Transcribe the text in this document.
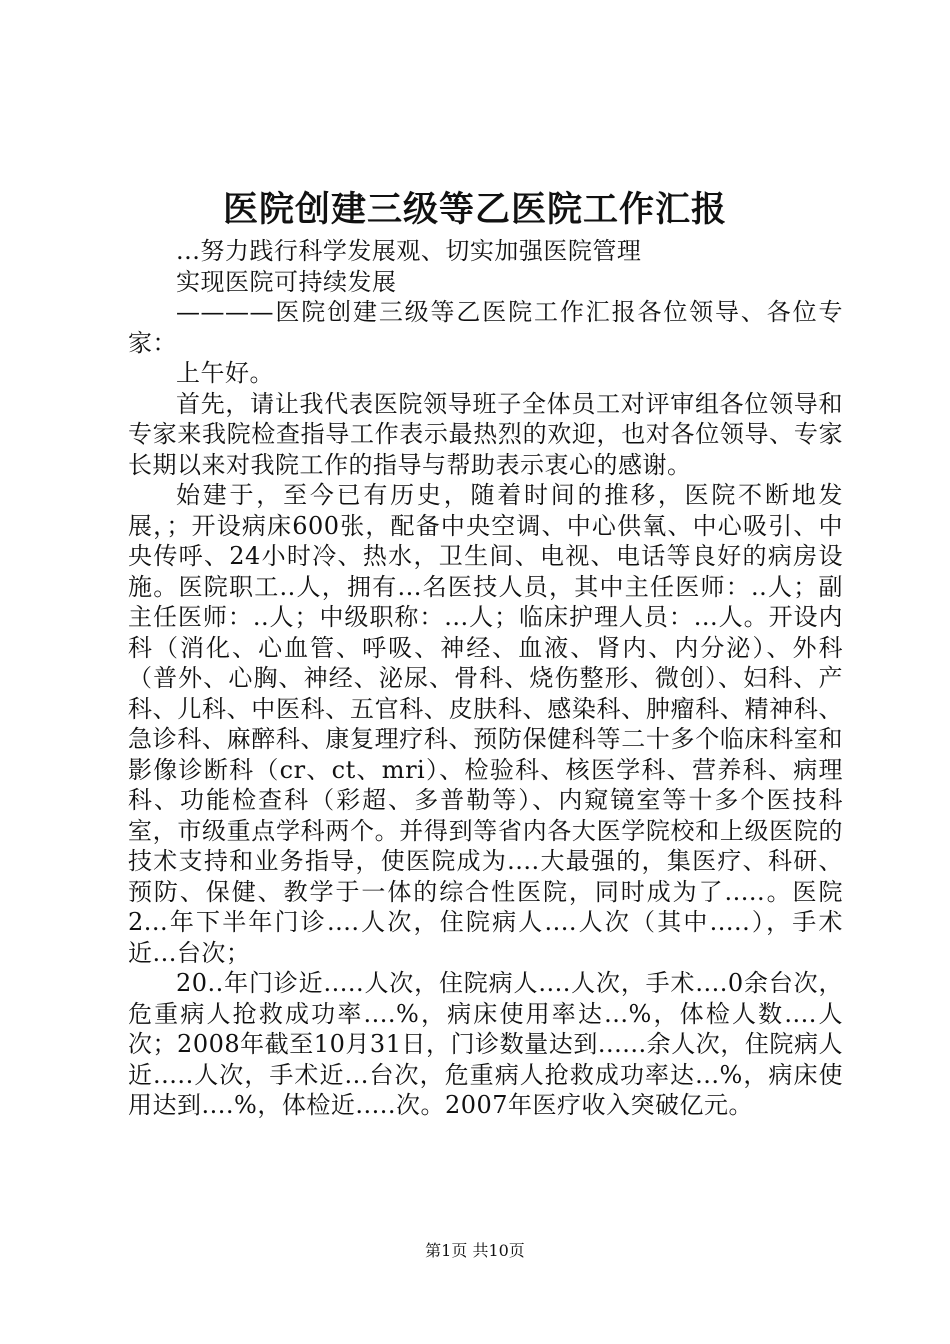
医院创建三级等乙医院工作汇报

...努力践行科学发展观、切实加强医院管理

实现医院可持续发展

————医院创建三级等乙医院工作汇报各位领导、各位专家：

上午好。

首先，请让我代表医院领导班子全体员工对评审组各位领导和专家来我院检查指导工作表示最热烈的欢迎，也对各位领导、专家长期以来对我院工作的指导与帮助表示衷心的感谢。

始建于，至今已有历史，随着时间的推移，医院不断地发展，；开设病床600张，配备中央空调、中心供氧、中心吸引、中央传呼、24小时冷、热水，卫生间、电视、电话等良好的病房设施。医院职工..人，拥有...名医技人员，其中主任医师：..人；副主任医师：..人；中级职称：...人；临床护理人员：...人。开设内科（消化、心血管、呼吸、神经、血液、肾内、内分泌）、外科（普外、心胸、神经、泌尿、骨科、烧伤整形、微创）、妇科、产科、儿科、中医科、五官科、皮肤科、感染科、肿瘤科、精神科、急诊科、麻醉科、康复理疗科、预防保健科等二十多个临床科室和影像诊断科（cr、ct、mri）、检验科、核医学科、营养科、病理科、功能检查科（彩超、多普勒等）、内窥镜室等十多个医技科室，市级重点学科两个。并得到等省内各大医学院校和上级医院的技术支持和业务指导，使医院成为....大最强的，集医疗、科研、预防、保健、教学于一体的综合性医院，同时成为了.....。医院2...年下半年门诊....人次，住院病人....人次（其中.....），手术近...台次；

20..年门诊近.....人次，住院病人....人次，手术....0余台次，危重病人抢救成功率....%，病床使用率达...%，体检人数....人次；2008年截至10月31日，门诊数量达到......余人次，住院病人近.....人次，手术近...台次，危重病人抢救成功率达...%，病床使用达到....%，体检近.....次。2007年医疗收入突破亿元。

第1页 共10页
